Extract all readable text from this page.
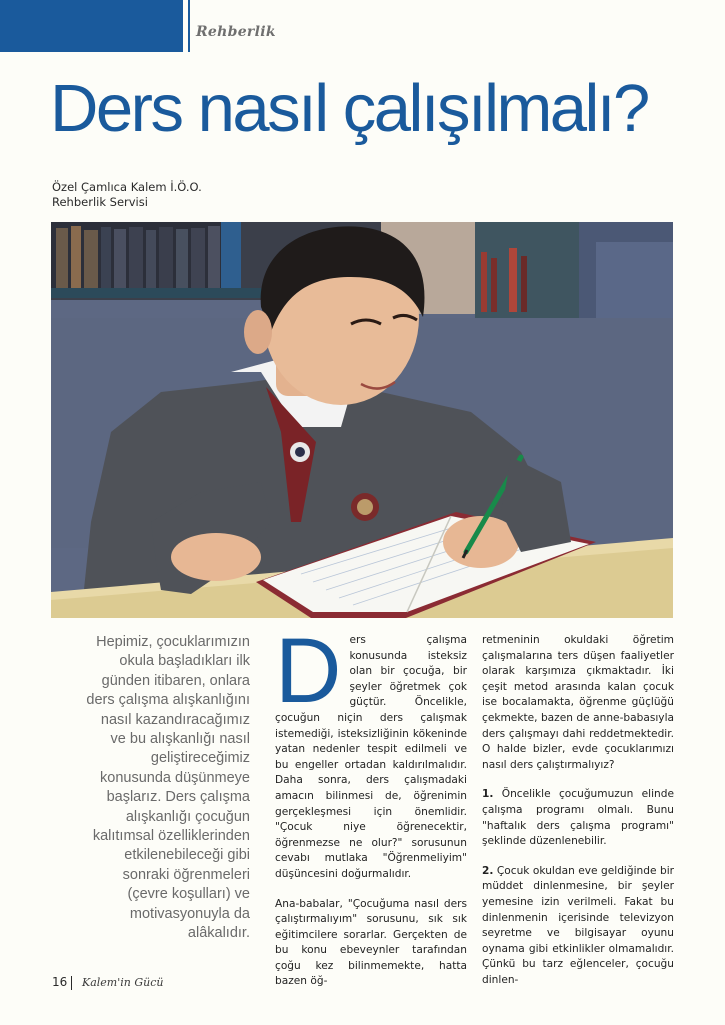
Rehberlik
Ders nasıl çalışılmalı?
Özel Çamlıca Kalem İ.Ö.O.
Rehberlik Servisi

Hepimiz, çocuklarımızın okula başladıkları ilk günden itibaren, onlara ders çalışma alışkanlığını nasıl kazandıracağımız ve bu alışkanlığı nasıl geliştireceğimiz konusunda düşünmeye başlarız. Ders çalışma alışkanlığı çocuğun kalıtımsal özelliklerinden etkilenebileceği gibi sonraki öğrenmeleri (çevre koşulları) ve motivasyonuyla da alâkalıdır.

Ders çalışma konusunda isteksiz olan bir çocuğa, bir şeyler öğretmek çok güçtür. Öncelikle, çocuğun niçin ders çalışmak istemediği, isteksizliğinin kökeninde yatan nedenler tespit edilmeli ve bu engeller ortadan kaldırılmalıdır. Daha sonra, ders çalışmadaki amacın bilinmesi de, öğrenimin gerçekleşmesi için önemlidir. "Çocuk niye öğrenecektir, öğrenmezse ne olur?" sorusunun cevabı mutlaka "Öğrenmeliyim" düşüncesini doğurmalıdır.

Ana-babalar, "Çocuğuma nasıl ders çalıştırmalıyım" sorusunu, sık sık eğitimcilere sorarlar. Gerçekten de bu konu ebeveynler tarafından çoğu kez bilinmemekte, hatta bazen öğ-

retmeninin okuldaki öğretim çalışmalarına ters düşen faaliyetler olarak karşımıza çıkmaktadır. İki çeşit metod arasında kalan çocuk ise bocalamakta, öğrenme güçlüğü çekmekte, bazen de anne-babasıyla ders çalışmayı dahi reddetmektedir. O halde bizler, evde çocuklarımızı nasıl ders çalıştırmalıyız?

1. Öncelikle çocuğumuzun elinde çalışma programı olmalı. Bunu "haftalık ders çalışma programı" şeklinde düzenlenebilir.

2. Çocuk okuldan eve geldiğinde bir müddet dinlenmesine, bir şeyler yemesine izin verilmeli. Fakat bu dinlenmenin içerisinde televizyon seyretme ve bilgisayar oyunu oynama gibi etkinlikler olmamalıdır. Çünkü bu tarz eğlenceler, çocuğu dinlen-

16 Kalem'in Gücü
